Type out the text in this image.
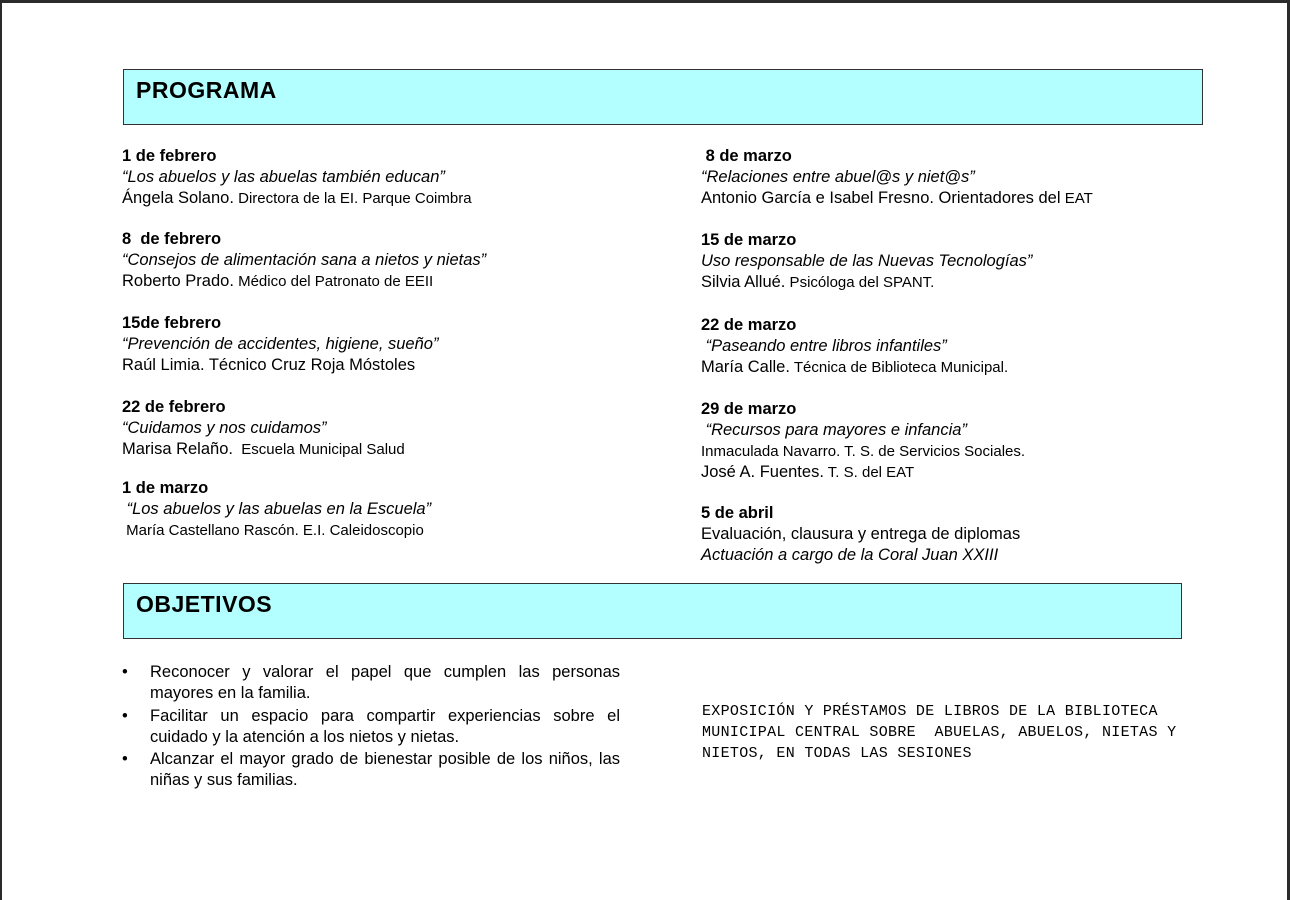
PROGRAMA
1 de febrero
“Los abuelos y las abuelas también educan”
Ángela Solano. Directora de la EI. Parque Coimbra
8  de febrero
“Consejos de alimentación sana a nietos y nietas”
Roberto Prado. Médico del Patronato de EEII
15de febrero
“Prevención de accidentes, higiene, sueño”
Raúl Limia. Técnico Cruz Roja Móstoles
22 de febrero
“Cuidamos y nos cuidamos”
Marisa Relaño.  Escuela Municipal Salud
1 de marzo
“Los abuelos y las abuelas en la Escuela”
María Castellano Rascón. E.I. Caleidoscopio
8 de marzo
“Relaciones entre abuel@s y niet@s”
Antonio García e Isabel Fresno. Orientadores del EAT
15 de marzo
Uso responsable de las Nuevas Tecnologías”
Silvia Allué. Psicóloga del SPANT.
22 de marzo
“Paseando entre libros infantiles”
María Calle. Técnica de Biblioteca Municipal.
29 de marzo
“Recursos para mayores e infancia”
Inmaculada Navarro. T. S. de Servicios Sociales.
José A. Fuentes. T. S. del EAT
5 de abril
Evaluación, clausura y entrega de diplomas
Actuación a cargo de la Coral Juan XXIII
OBJETIVOS
• Reconocer y valorar el papel que cumplen las personas mayores en la familia.
• Facilitar un espacio para compartir experiencias sobre el cuidado y la atención a los nietos y nietas.
• Alcanzar el mayor grado de bienestar posible de los niños, las niñas y sus familias.
EXPOSICIÓN Y PRÉSTAMOS DE LIBROS DE LA BIBLIOTECA MUNICIPAL CENTRAL SOBRE  ABUELAS, ABUELOS, NIETAS Y NIETOS, EN TODAS LAS SESIONES
